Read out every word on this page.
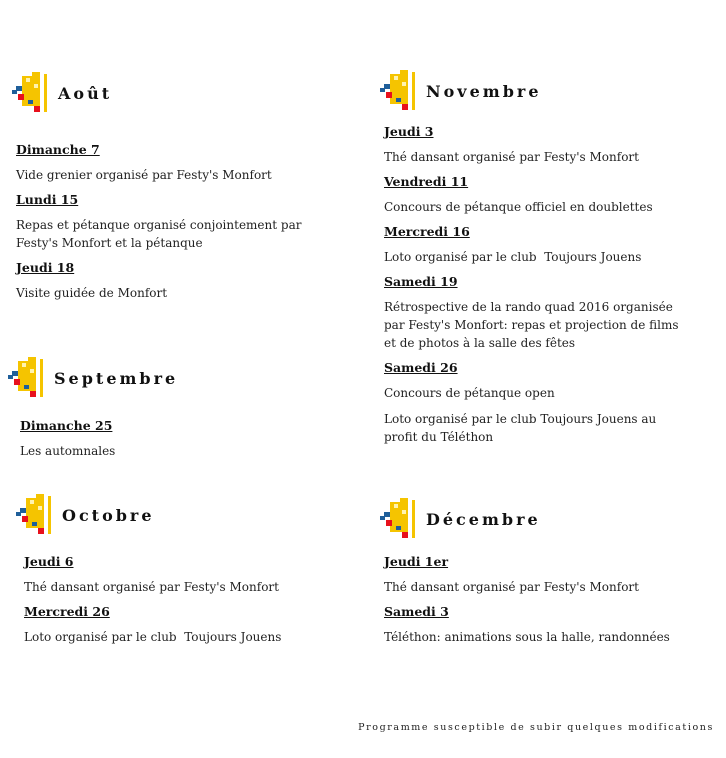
Août
Dimanche 7
Vide grenier organisé par Festy's Monfort
Lundi 15
Repas et pétanque organisé conjointement par Festy's Monfort et la pétanque
Jeudi 18
Visite guidée de Monfort
Septembre
Dimanche 25
Les automnales
Octobre
Jeudi 6
Thé dansant organisé par Festy's Monfort
Mercredi 26
Loto organisé par le club  Toujours Jouens
Novembre
Jeudi 3
Thé dansant organisé par Festy's Monfort
Vendredi 11
Concours de pétanque officiel en doublettes
Mercredi 16
Loto organisé par le club  Toujours Jouens
Samedi 19
Rétrospective de la rando quad 2016 organisée par Festy's Monfort: repas et projection de films et de photos à la salle des fêtes
Samedi 26
Concours de pétanque open
Loto organisé par le club Toujours Jouens au profit du Téléthon
Décembre
Jeudi 1er
Thé dansant organisé par Festy's Monfort
Samedi 3
Téléthon: animations sous la halle, randonnées
Programme susceptible de subir quelques modifications
